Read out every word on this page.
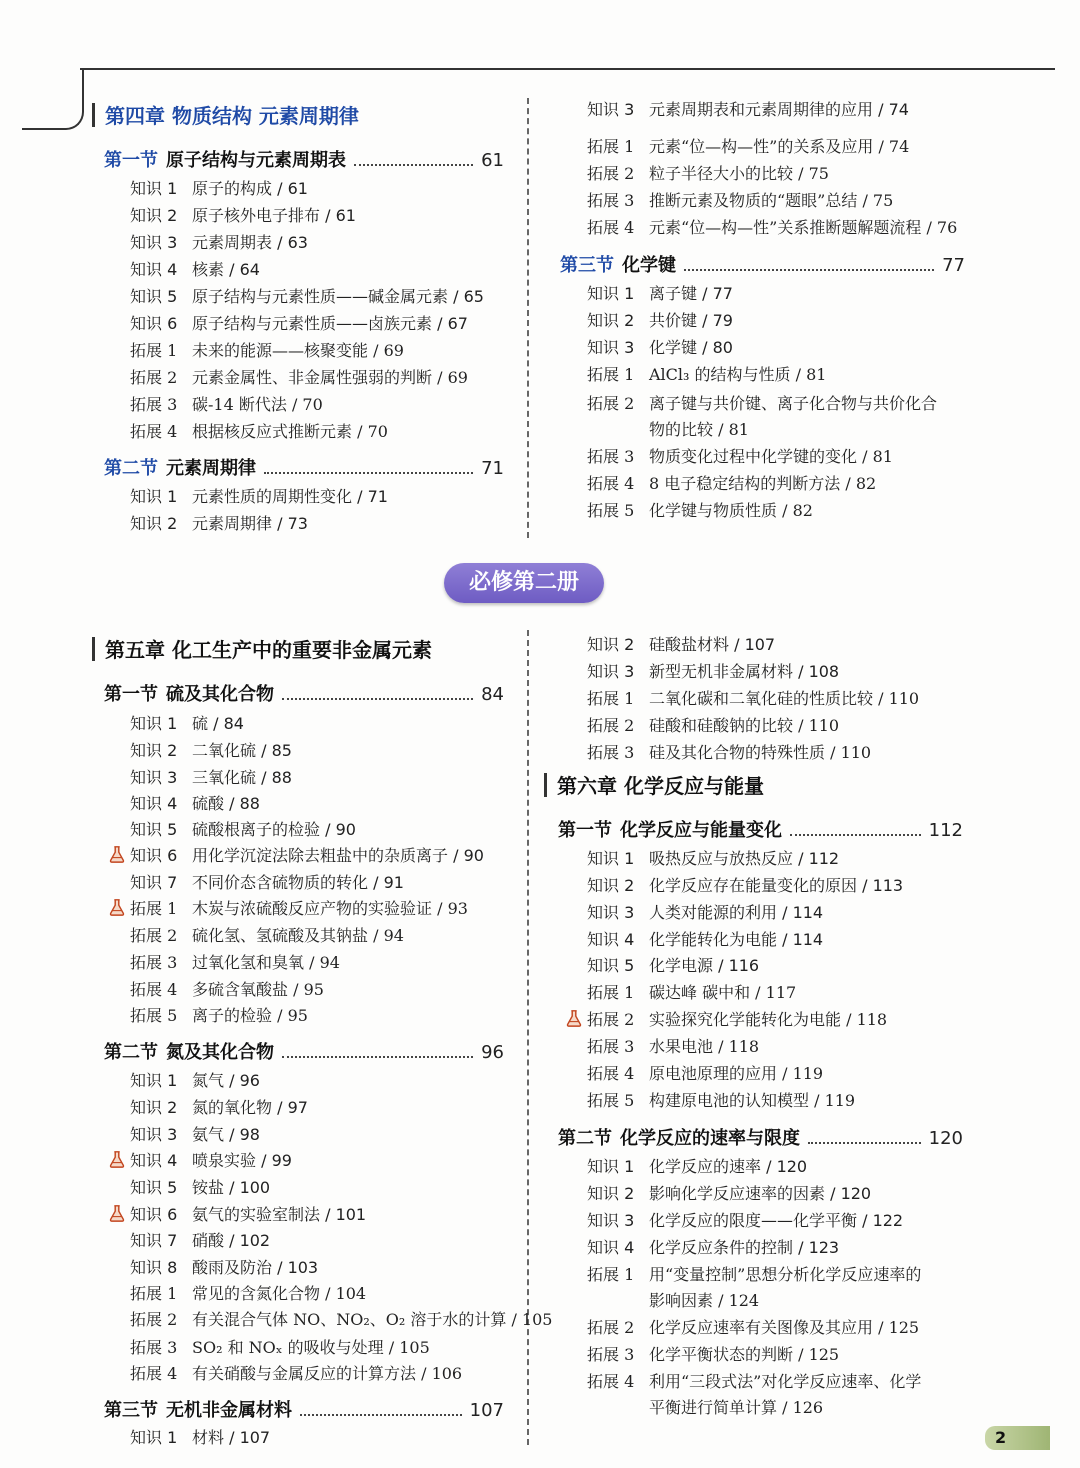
第四章 物质结构 元素周期律
第一节 原子结构与元素周期表	61
知识 1 原子的构成 / 61
知识 2 原子核外电子排布 / 61
知识 3 元素周期表 / 63
知识 4 核素 / 64
知识 5 原子结构与元素性质——碱金属元素 / 65
知识 6 原子结构与元素性质——卤族元素 / 67
拓展 1 未来的能源——核聚变能 / 69
拓展 2 元素金属性、非金属性强弱的判断 / 69
拓展 3 碳-14 断代法 / 70
拓展 4 根据核反应式推断元素 / 70
第二节 元素周期律	71
知识 1 元素性质的周期性变化 / 71
知识 2 元素周期律 / 73
知识 3 元素周期表和元素周期律的应用 / 74
拓展 1 元素“位—构—性”的关系及应用 / 74
拓展 2 粒子半径大小的比较 / 75
拓展 3 推断元素及物质的“题眼”总结 / 75
拓展 4 元素“位—构—性”关系推断题解题流程 / 76
第三节 化学键	77
知识 1 离子键 / 77
知识 2 共价键 / 79
知识 3 化学键 / 80
拓展 1 AlCl₃ 的结构与性质 / 81
拓展 2 离子键与共价键、离子化合物与共价化合
物的比较 / 81
拓展 3 物质变化过程中化学键的变化 / 81
拓展 4 8 电子稳定结构的判断方法 / 82
拓展 5 化学键与物质性质 / 82
必修第二册
第五章 化工生产中的重要非金属元素
第一节 硫及其化合物	84
知识 1 硫 / 84
知识 2 二氧化硫 / 85
知识 3 三氧化硫 / 88
知识 4 硫酸 / 88
知识 5 硫酸根离子的检验 / 90
知识 6 用化学沉淀法除去粗盐中的杂质离子 / 90
知识 7 不同价态含硫物质的转化 / 91
拓展 1 木炭与浓硫酸反应产物的实验验证 / 93
拓展 2 硫化氢、氢硫酸及其钠盐 / 94
拓展 3 过氧化氢和臭氧 / 94
拓展 4 多硫含氧酸盐 / 95
拓展 5 离子的检验 / 95
第二节 氮及其化合物	96
知识 1 氮气 / 96
知识 2 氮的氧化物 / 97
知识 3 氨气 / 98
知识 4 喷泉实验 / 99
知识 5 铵盐 / 100
知识 6 氨气的实验室制法 / 101
知识 7 硝酸 / 102
知识 8 酸雨及防治 / 103
拓展 1 常见的含氮化合物 / 104
拓展 2 有关混合气体 NO、NO₂、O₂ 溶于水的计算 / 105
拓展 3 SO₂ 和 NOₓ 的吸收与处理 / 105
拓展 4 有关硝酸与金属反应的计算方法 / 106
第三节 无机非金属材料	107
知识 1 材料 / 107
知识 2 硅酸盐材料 / 107
知识 3 新型无机非金属材料 / 108
拓展 1 二氧化碳和二氧化硅的性质比较 / 110
拓展 2 硅酸和硅酸钠的比较 / 110
拓展 3 硅及其化合物的特殊性质 / 110
第六章 化学反应与能量
第一节 化学反应与能量变化	112
知识 1 吸热反应与放热反应 / 112
知识 2 化学反应存在能量变化的原因 / 113
知识 3 人类对能源的利用 / 114
知识 4 化学能转化为电能 / 114
知识 5 化学电源 / 116
拓展 1 碳达峰 碳中和 / 117
拓展 2 实验探究化学能转化为电能 / 118
拓展 3 水果电池 / 118
拓展 4 原电池原理的应用 / 119
拓展 5 构建原电池的认知模型 / 119
第二节 化学反应的速率与限度	120
知识 1 化学反应的速率 / 120
知识 2 影响化学反应速率的因素 / 120
知识 3 化学反应的限度——化学平衡 / 122
知识 4 化学反应条件的控制 / 123
拓展 1 用“变量控制”思想分析化学反应速率的
影响因素 / 124
拓展 2 化学反应速率有关图像及其应用 / 125
拓展 3 化学平衡状态的判断 / 125
拓展 4 利用“三段式法”对化学反应速率、化学
平衡进行简单计算 / 126
2
